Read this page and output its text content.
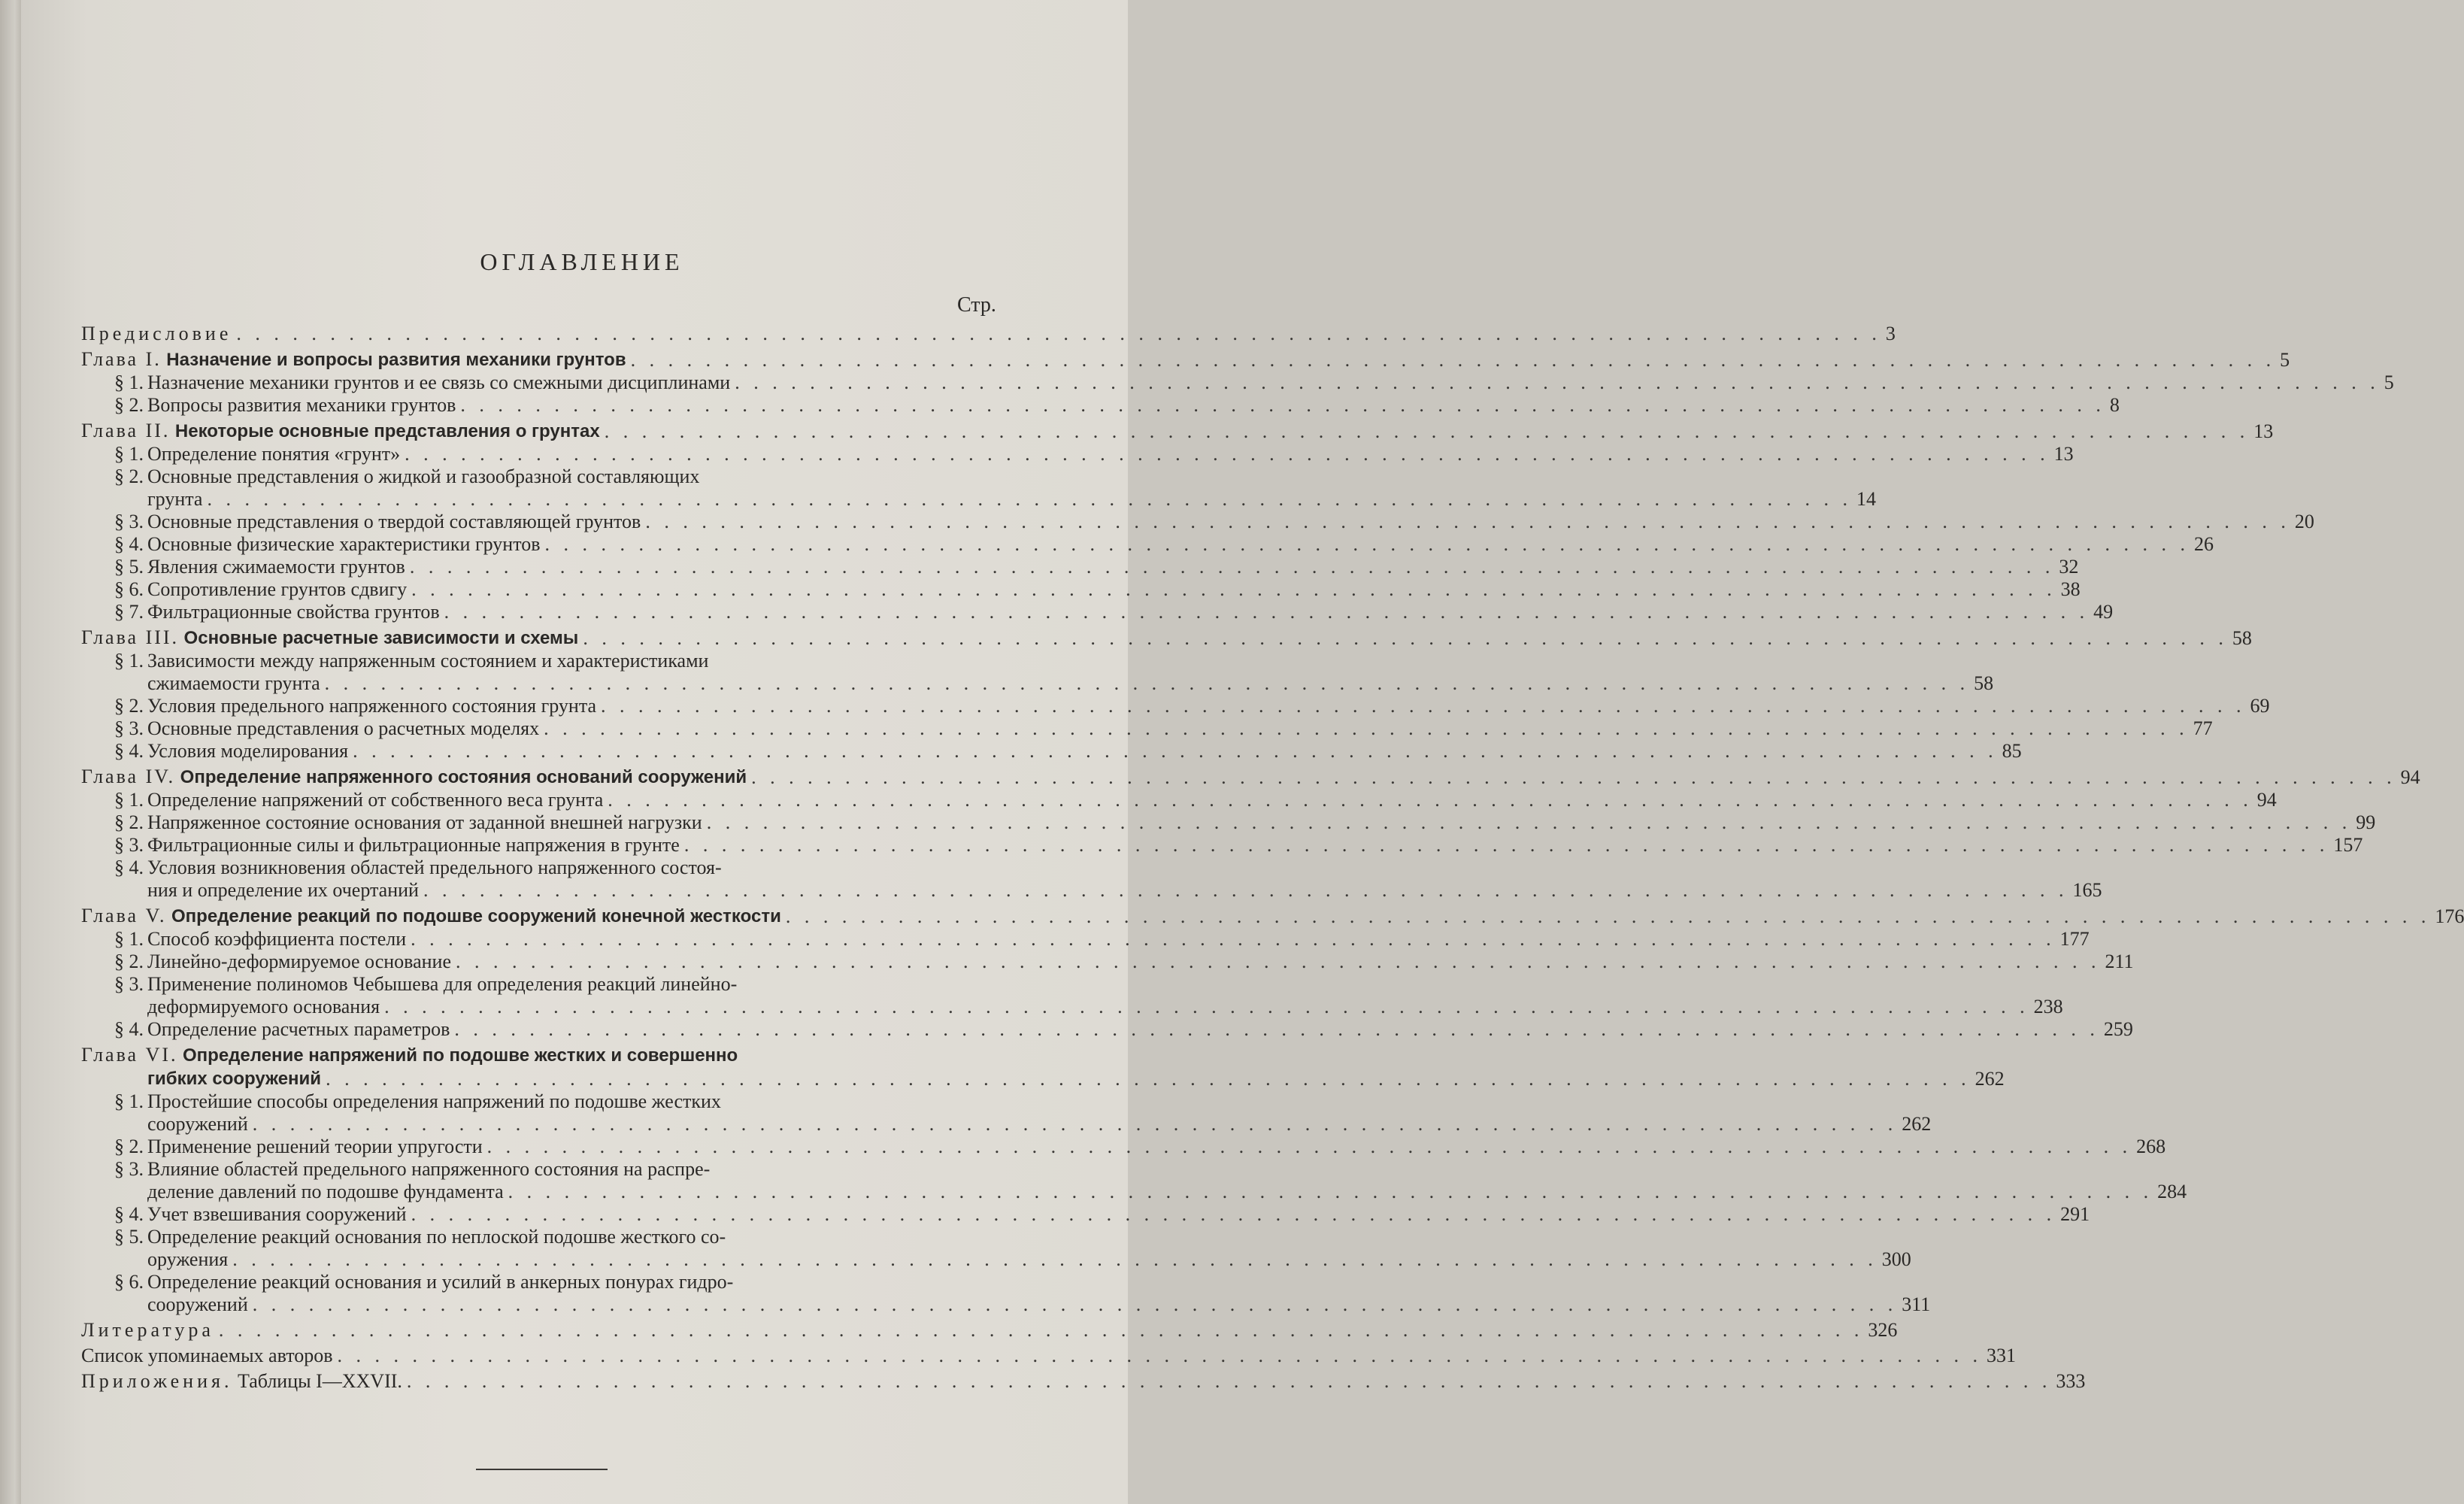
ОГЛАВЛЕНИЕ
Стр.
Предисловие . . . . . . . . . . . . . . . . . . . . . . . . . . . . . . . . . . . . . . . . . . . . . . . . . . . . . . . . . . . . . . . . . . . . . . . . . . . . . . . . . . . . . . . . 3
Глава I. Назначение и вопросы развития механики грунтов . . . . . . . . . . . . . . . . . . . . . . . . . . . . . . . . . . . . . . . . . . . . . . . . . . . . . . . . . . . . . . . . . . . . . . . . . . . . . . . . . . . . . . . . 5
§ 1. Назначение механики грунтов и ее связь со смежными дисциплинами . . . . . . . . . . . . . . . . . . . . . . . . . . . . . . . . . . . . . . . . . . . . . . . . . . . . . . . . . . . . . . . . . . . . . . . . . . . . . . . . . . . . . . . . 5
§ 2. Вопросы развития механики грунтов . . . . . . . . . . . . . . . . . . . . . . . . . . . . . . . . . . . . . . . . . . . . . . . . . . . . . . . . . . . . . . . . . . . . . . . . . . . . . . . . . . . . . . . . 8
Глава II. Некоторые основные представления о грунтах . . . . . . . . . . . . . . . . . . . . . . . . . . . . . . . . . . . . . . . . . . . . . . . . . . . . . . . . . . . . . . . . . . . . . . . . . . . . . . . . . . . . . . . . 13
§ 1. Определение понятия «грунт» . . . . . . . . . . . . . . . . . . . . . . . . . . . . . . . . . . . . . . . . . . . . . . . . . . . . . . . . . . . . . . . . . . . . . . . . . . . . . . . . . . . . . . . . 13
§ 2. Основные представления о жидкой и газообразной составляющих
грунта . . . . . . . . . . . . . . . . . . . . . . . . . . . . . . . . . . . . . . . . . . . . . . . . . . . . . . . . . . . . . . . . . . . . . . . . . . . . . . . . . . . . . . . . 14
§ 3. Основные представления о твердой составляющей грунтов . . . . . . . . . . . . . . . . . . . . . . . . . . . . . . . . . . . . . . . . . . . . . . . . . . . . . . . . . . . . . . . . . . . . . . . . . . . . . . . . . . . . . . . . 20
§ 4. Основные физические характеристики грунтов . . . . . . . . . . . . . . . . . . . . . . . . . . . . . . . . . . . . . . . . . . . . . . . . . . . . . . . . . . . . . . . . . . . . . . . . . . . . . . . . . . . . . . . . 26
§ 5. Явления сжимаемости грунтов . . . . . . . . . . . . . . . . . . . . . . . . . . . . . . . . . . . . . . . . . . . . . . . . . . . . . . . . . . . . . . . . . . . . . . . . . . . . . . . . . . . . . . . . 32
§ 6. Сопротивление грунтов сдвигу . . . . . . . . . . . . . . . . . . . . . . . . . . . . . . . . . . . . . . . . . . . . . . . . . . . . . . . . . . . . . . . . . . . . . . . . . . . . . . . . . . . . . . . . 38
§ 7. Фильтрационные свойства грунтов . . . . . . . . . . . . . . . . . . . . . . . . . . . . . . . . . . . . . . . . . . . . . . . . . . . . . . . . . . . . . . . . . . . . . . . . . . . . . . . . . . . . . . . . 49
Глава III. Основные расчетные зависимости и схемы . . . . . . . . . . . . . . . . . . . . . . . . . . . . . . . . . . . . . . . . . . . . . . . . . . . . . . . . . . . . . . . . . . . . . . . . . . . . . . . . . . . . . . . . 58
§ 1. Зависимости между напряженным состоянием и характеристиками
сжимаемости грунта . . . . . . . . . . . . . . . . . . . . . . . . . . . . . . . . . . . . . . . . . . . . . . . . . . . . . . . . . . . . . . . . . . . . . . . . . . . . . . . . . . . . . . . . 58
§ 2. Условия предельного напряженного состояния грунта . . . . . . . . . . . . . . . . . . . . . . . . . . . . . . . . . . . . . . . . . . . . . . . . . . . . . . . . . . . . . . . . . . . . . . . . . . . . . . . . . . . . . . . . 69
§ 3. Основные представления о расчетных моделях . . . . . . . . . . . . . . . . . . . . . . . . . . . . . . . . . . . . . . . . . . . . . . . . . . . . . . . . . . . . . . . . . . . . . . . . . . . . . . . . . . . . . . . . 77
§ 4. Условия моделирования . . . . . . . . . . . . . . . . . . . . . . . . . . . . . . . . . . . . . . . . . . . . . . . . . . . . . . . . . . . . . . . . . . . . . . . . . . . . . . . . . . . . . . . . 85
Глава IV. Определение напряженного состояния оснований сооружений . . . . . . . . . . . . . . . . . . . . . . . . . . . . . . . . . . . . . . . . . . . . . . . . . . . . . . . . . . . . . . . . . . . . . . . . . . . . . . . . . . . . . . . . 94
§ 1. Определение напряжений от собственного веса грунта . . . . . . . . . . . . . . . . . . . . . . . . . . . . . . . . . . . . . . . . . . . . . . . . . . . . . . . . . . . . . . . . . . . . . . . . . . . . . . . . . . . . . . . . 94
§ 2. Напряженное состояние основания от заданной внешней нагрузки . . . . . . . . . . . . . . . . . . . . . . . . . . . . . . . . . . . . . . . . . . . . . . . . . . . . . . . . . . . . . . . . . . . . . . . . . . . . . . . . . . . . . . . . 99
§ 3. Фильтрационные силы и фильтрационные напряжения в грунте . . . . . . . . . . . . . . . . . . . . . . . . . . . . . . . . . . . . . . . . . . . . . . . . . . . . . . . . . . . . . . . . . . . . . . . . . . . . . . . . . . . . . . . . 157
§ 4. Условия возникновения областей предельного напряженного состоя-
ния и определение их очертаний . . . . . . . . . . . . . . . . . . . . . . . . . . . . . . . . . . . . . . . . . . . . . . . . . . . . . . . . . . . . . . . . . . . . . . . . . . . . . . . . . . . . . . . . 165
Глава V. Определение реакций по подошве сооружений конечной жесткости . . . . . . . . . . . . . . . . . . . . . . . . . . . . . . . . . . . . . . . . . . . . . . . . . . . . . . . . . . . . . . . . . . . . . . . . . . . . . . . . . . . . . . . . 176
§ 1. Способ коэффициента постели . . . . . . . . . . . . . . . . . . . . . . . . . . . . . . . . . . . . . . . . . . . . . . . . . . . . . . . . . . . . . . . . . . . . . . . . . . . . . . . . . . . . . . . . 177
§ 2. Линейно-деформируемое основание . . . . . . . . . . . . . . . . . . . . . . . . . . . . . . . . . . . . . . . . . . . . . . . . . . . . . . . . . . . . . . . . . . . . . . . . . . . . . . . . . . . . . . . . 211
§ 3. Применение полиномов Чебышева для определения реакций линейно-
деформируемого основания . . . . . . . . . . . . . . . . . . . . . . . . . . . . . . . . . . . . . . . . . . . . . . . . . . . . . . . . . . . . . . . . . . . . . . . . . . . . . . . . . . . . . . . . 238
§ 4. Определение расчетных параметров . . . . . . . . . . . . . . . . . . . . . . . . . . . . . . . . . . . . . . . . . . . . . . . . . . . . . . . . . . . . . . . . . . . . . . . . . . . . . . . . . . . . . . . . 259
Глава VI. Определение напряжений по подошве жестких и совершенно
гибких сооружений . . . . . . . . . . . . . . . . . . . . . . . . . . . . . . . . . . . . . . . . . . . . . . . . . . . . . . . . . . . . . . . . . . . . . . . . . . . . . . . . . . . . . . . . 262
§ 1. Простейшие способы определения напряжений по подошве жестких
сооружений . . . . . . . . . . . . . . . . . . . . . . . . . . . . . . . . . . . . . . . . . . . . . . . . . . . . . . . . . . . . . . . . . . . . . . . . . . . . . . . . . . . . . . . . 262
§ 2. Применение решений теории упругости . . . . . . . . . . . . . . . . . . . . . . . . . . . . . . . . . . . . . . . . . . . . . . . . . . . . . . . . . . . . . . . . . . . . . . . . . . . . . . . . . . . . . . . . 268
§ 3. Влияние областей предельного напряженного состояния на распре-
деление давлений по подошве фундамента . . . . . . . . . . . . . . . . . . . . . . . . . . . . . . . . . . . . . . . . . . . . . . . . . . . . . . . . . . . . . . . . . . . . . . . . . . . . . . . . . . . . . . . . 284
§ 4. Учет взвешивания сооружений . . . . . . . . . . . . . . . . . . . . . . . . . . . . . . . . . . . . . . . . . . . . . . . . . . . . . . . . . . . . . . . . . . . . . . . . . . . . . . . . . . . . . . . . 291
§ 5. Определение реакций основания по неплоской подошве жесткого со-
оружения . . . . . . . . . . . . . . . . . . . . . . . . . . . . . . . . . . . . . . . . . . . . . . . . . . . . . . . . . . . . . . . . . . . . . . . . . . . . . . . . . . . . . . . . 300
§ 6. Определение реакций основания и усилий в анкерных понурах гидро-
сооружений . . . . . . . . . . . . . . . . . . . . . . . . . . . . . . . . . . . . . . . . . . . . . . . . . . . . . . . . . . . . . . . . . . . . . . . . . . . . . . . . . . . . . . . . 311
Литература . . . . . . . . . . . . . . . . . . . . . . . . . . . . . . . . . . . . . . . . . . . . . . . . . . . . . . . . . . . . . . . . . . . . . . . . . . . . . . . . . . . . . . . . 326
Список упоминаемых авторов . . . . . . . . . . . . . . . . . . . . . . . . . . . . . . . . . . . . . . . . . . . . . . . . . . . . . . . . . . . . . . . . . . . . . . . . . . . . . . . . . . . . . . . . 331
Приложения. Таблицы I—XXVII. . . . . . . . . . . . . . . . . . . . . . . . . . . . . . . . . . . . . . . . . . . . . . . . . . . . . . . . . . . . . . . . . . . . . . . . . . . . . . . . . . . . . . . . . 333
